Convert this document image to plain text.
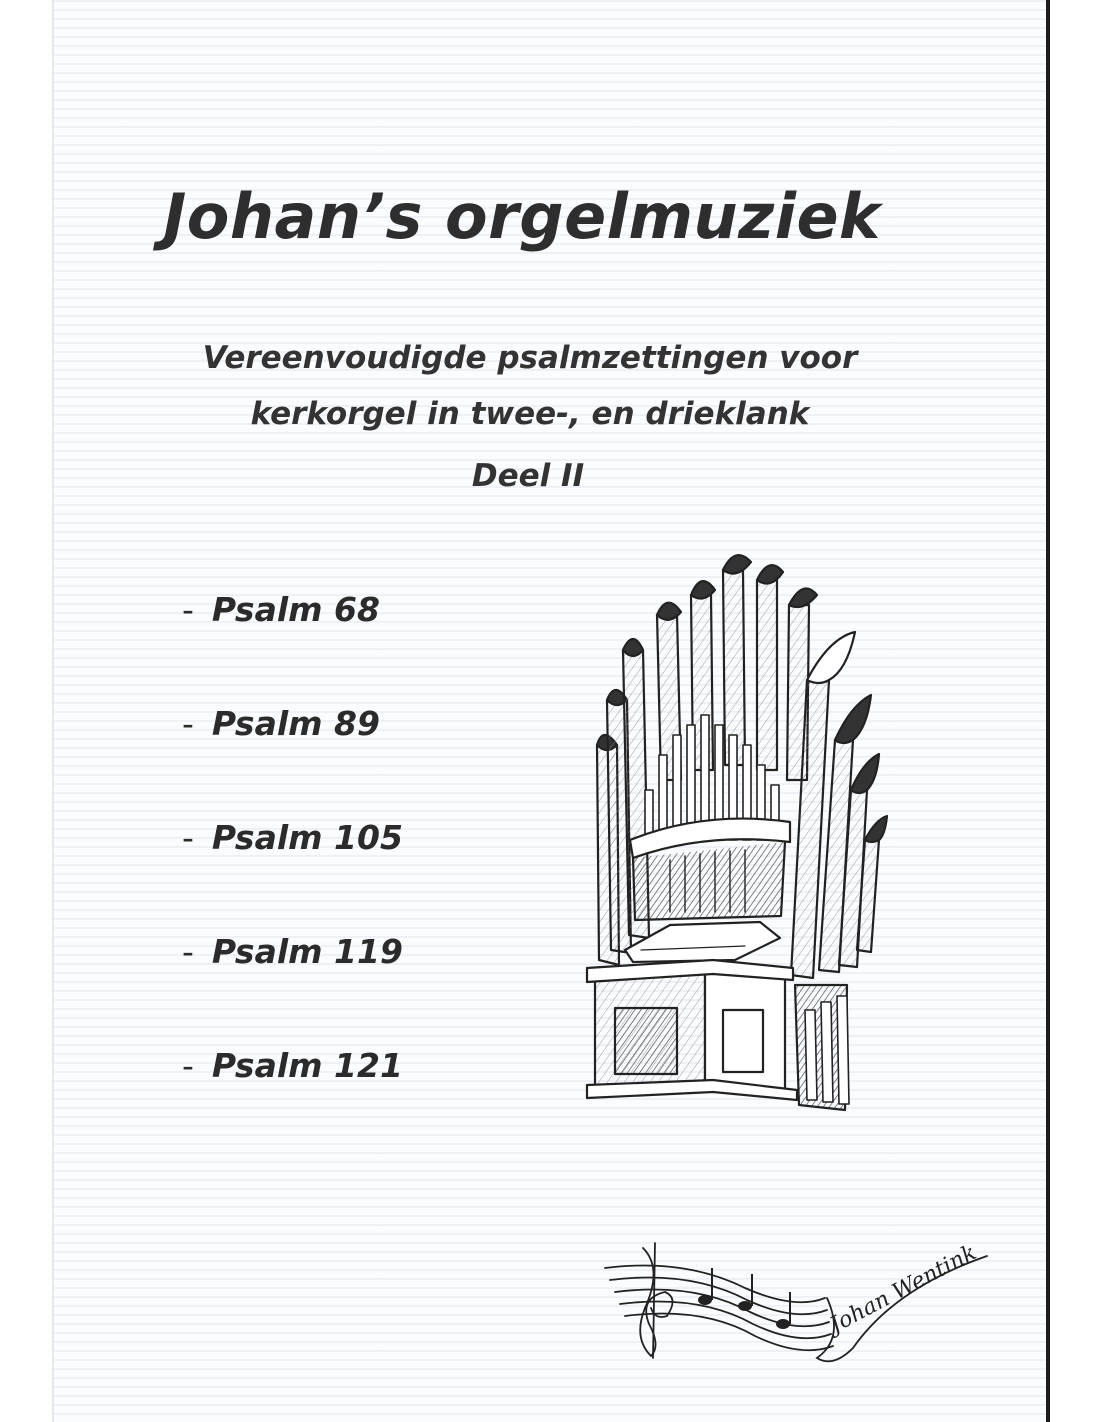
Johan’s orgelmuziek
Vereenvoudigde psalmzettingen voor
kerkorgel in twee-, en drieklank
Deel II
- Psalm 68
- Psalm 89
- Psalm 105
- Psalm 119
- Psalm 121
Johan Wentink
